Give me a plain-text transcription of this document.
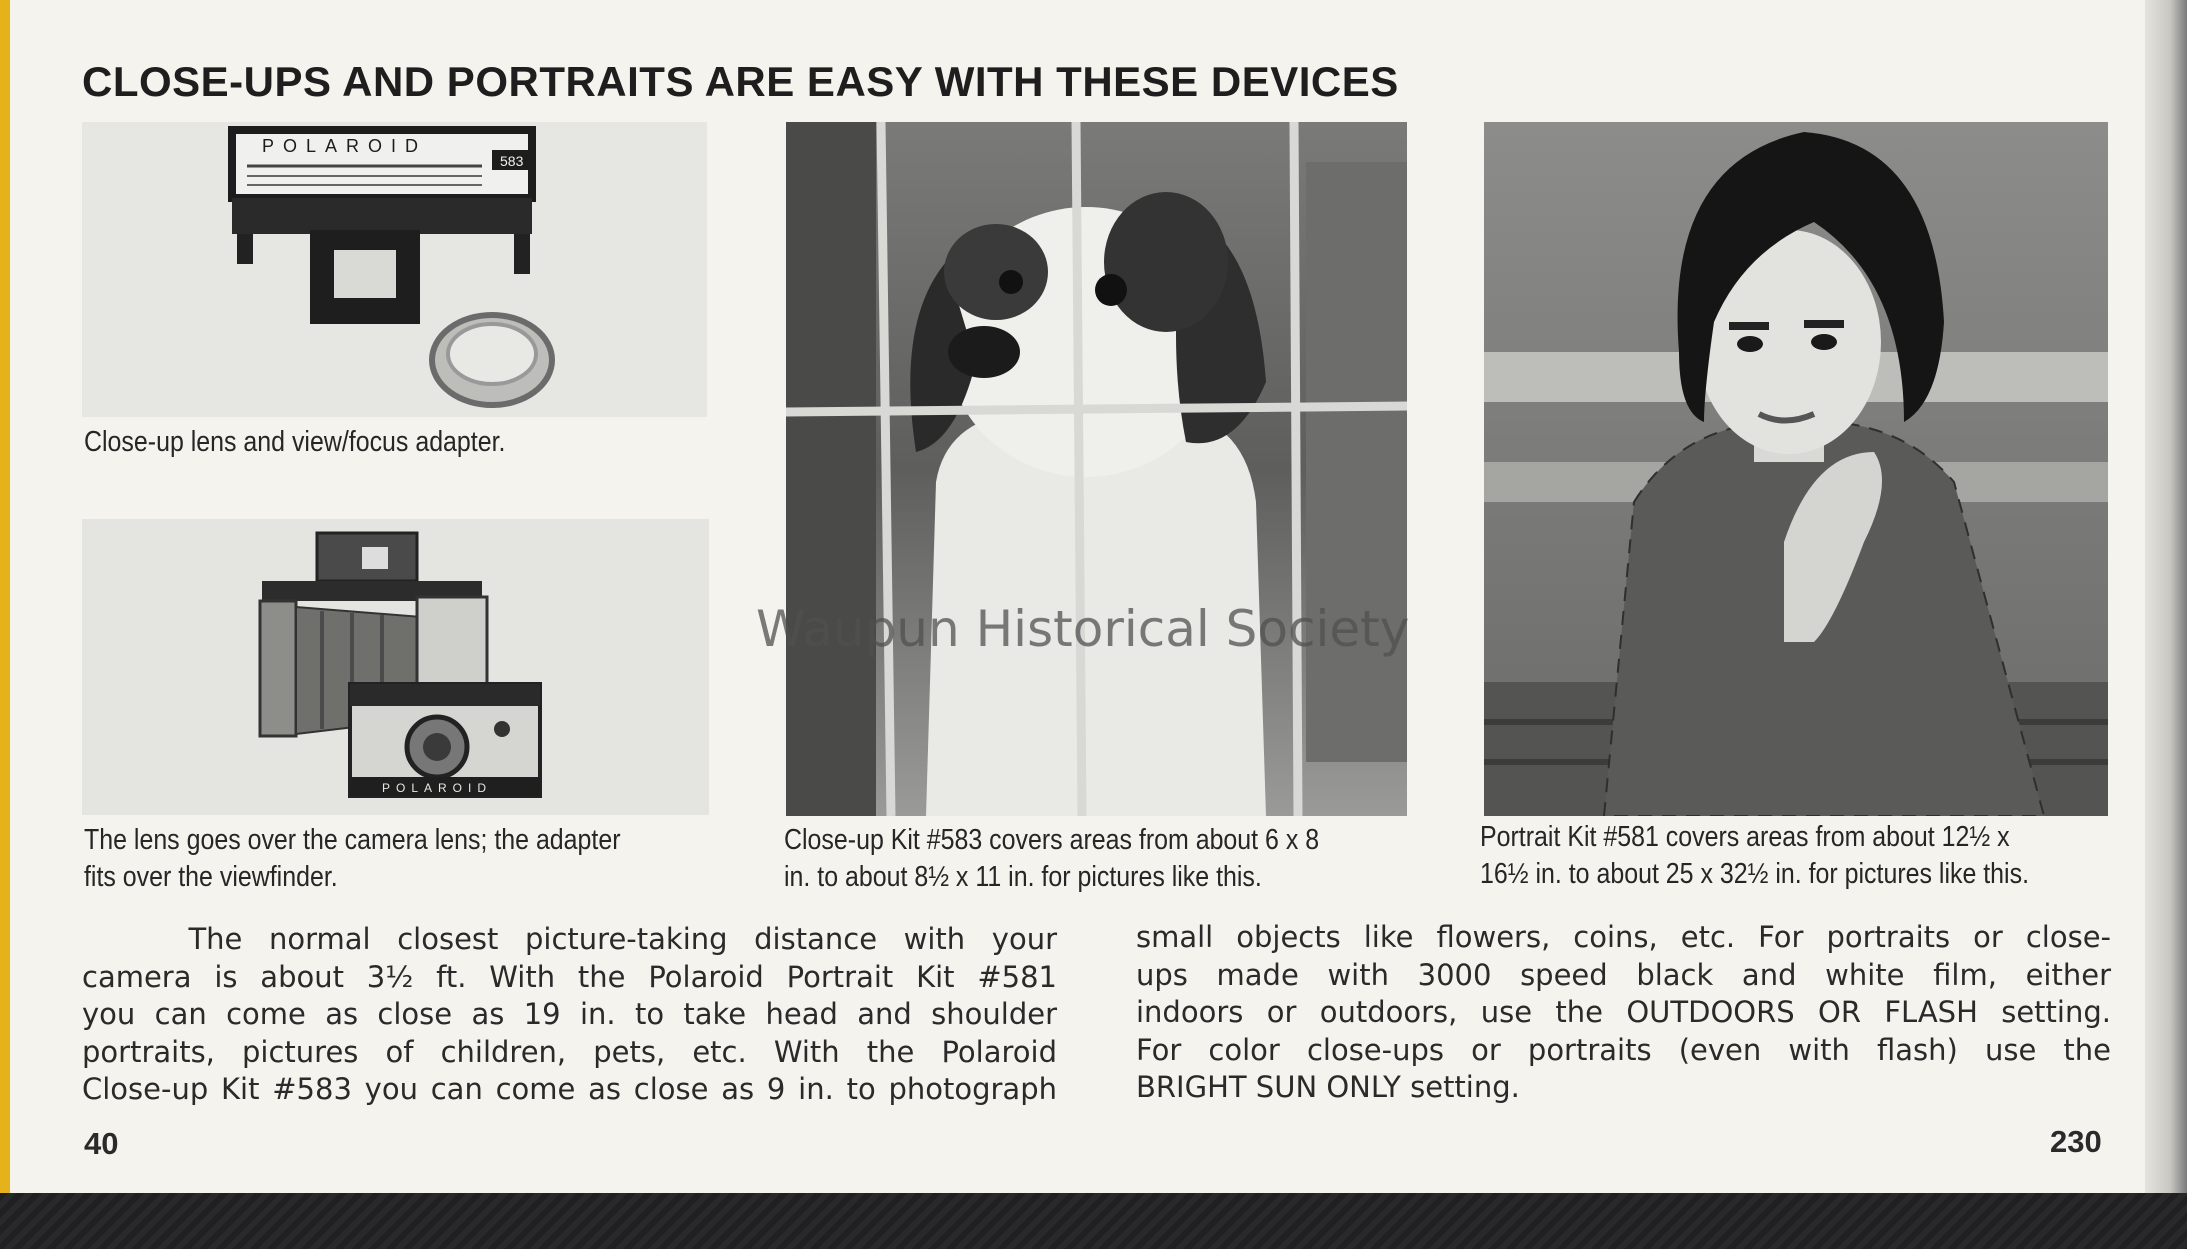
CLOSE-UPS AND PORTRAITS ARE EASY WITH THESE DEVICES
583
POLAROID
Close-up lens and view/focus adapter.
POLAROID
The lens goes over the camera lens; the adapter
fits over the viewfinder.
Close-up Kit #583 covers areas from about 6 x 8
in. to about 8½ x 11 in. for pictures like this.
Portrait Kit #581 covers areas from about 12½ x
16½ in. to about 25 x 32½ in. for pictures like this.
The normal closest picture-taking distance with your
camera is about 3½ ft. With the Polaroid Portrait Kit #581
you can come as close as 19 in. to take head and shoulder
portraits, pictures of children, pets, etc. With the Polaroid
Close-up Kit #583 you can come as close as 9 in. to photograph
small objects like flowers, coins, etc. For portraits or close-
ups made with 3000 speed black and white film, either
indoors or outdoors, use the OUTDOORS OR FLASH setting.
For color close-ups or portraits (even with flash) use the
BRIGHT SUN ONLY setting.
40	230
Waupun Historical Society
